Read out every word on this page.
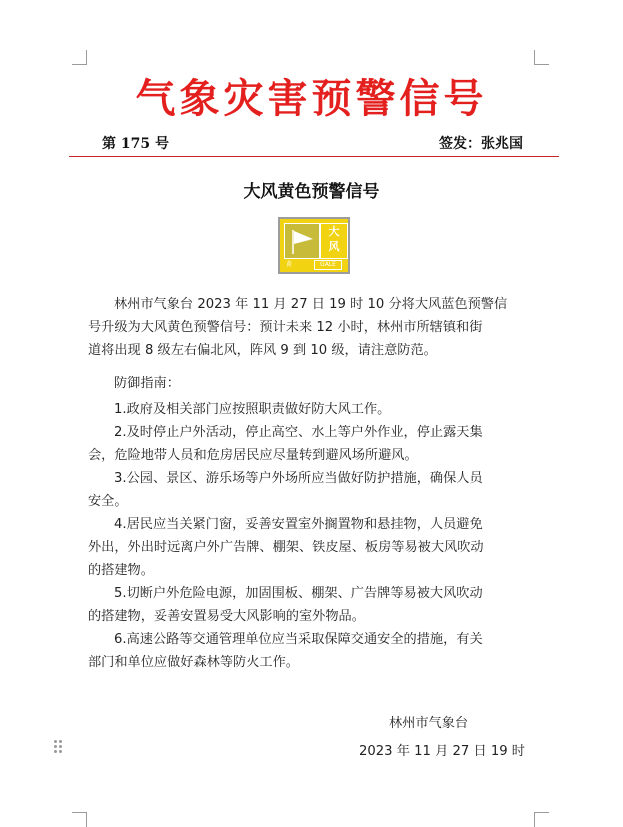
气象灾害预警信号
第 175 号	签发：张兆国
大风黄色预警信号
大
风
黄	GALE
林州市气象台 2023 年 11 月 27 日 19 时 10 分将大风蓝色预警信
号升级为大风黄色预警信号：预计未来 12 小时，林州市所辖镇和街
道将出现 8 级左右偏北风，阵风 9 到 10 级，请注意防范。
防御指南：
1.政府及相关部门应按照职责做好防大风工作。
2.及时停止户外活动，停止高空、水上等户外作业，停止露天集
会，危险地带人员和危房居民应尽量转到避风场所避风。
3.公园、景区、游乐场等户外场所应当做好防护措施，确保人员
安全。
4.居民应当关紧门窗，妥善安置室外搁置物和悬挂物，人员避免
外出，外出时远离户外广告牌、棚架、铁皮屋、板房等易被大风吹动
的搭建物。
5.切断户外危险电源，加固围板、棚架、广告牌等易被大风吹动
的搭建物，妥善安置易受大风影响的室外物品。
6.高速公路等交通管理单位应当采取保障交通安全的措施，有关
部门和单位应做好森林等防火工作。
林州市气象台
2023 年 11 月 27 日 19 时
